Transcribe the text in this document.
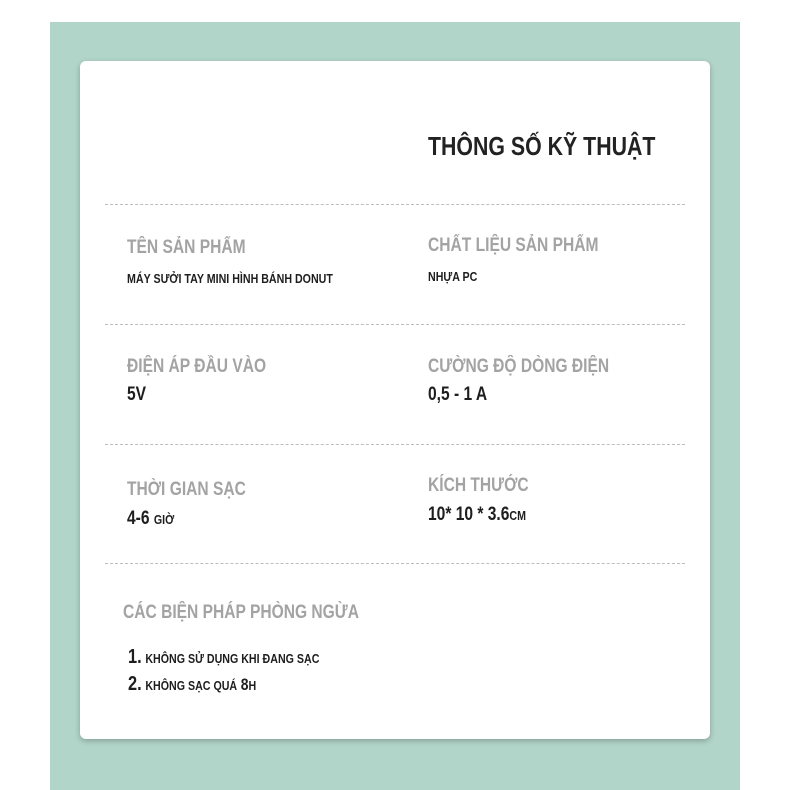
THÔNG SỐ KỸ THUẬT
TÊN SẢN PHẨM
MÁY SƯỞI TAY MINI HÌNH BÁNH DONUT
CHẤT LIỆU SẢN PHẨM
NHỰA PC
ĐIỆN ÁP ĐẦU VÀO
5V
CƯỜNG ĐỘ DÒNG ĐIỆN
0,5 - 1 A
THỜI GIAN SẠC
4-6 GIỜ
KÍCH THƯỚC
10* 10 * 3.6CM
CÁC BIỆN PHÁP PHÒNG NGỪA
1. KHÔNG SỬ DỤNG KHI ĐANG SẠC
2. KHÔNG SẠC QUÁ 8H
